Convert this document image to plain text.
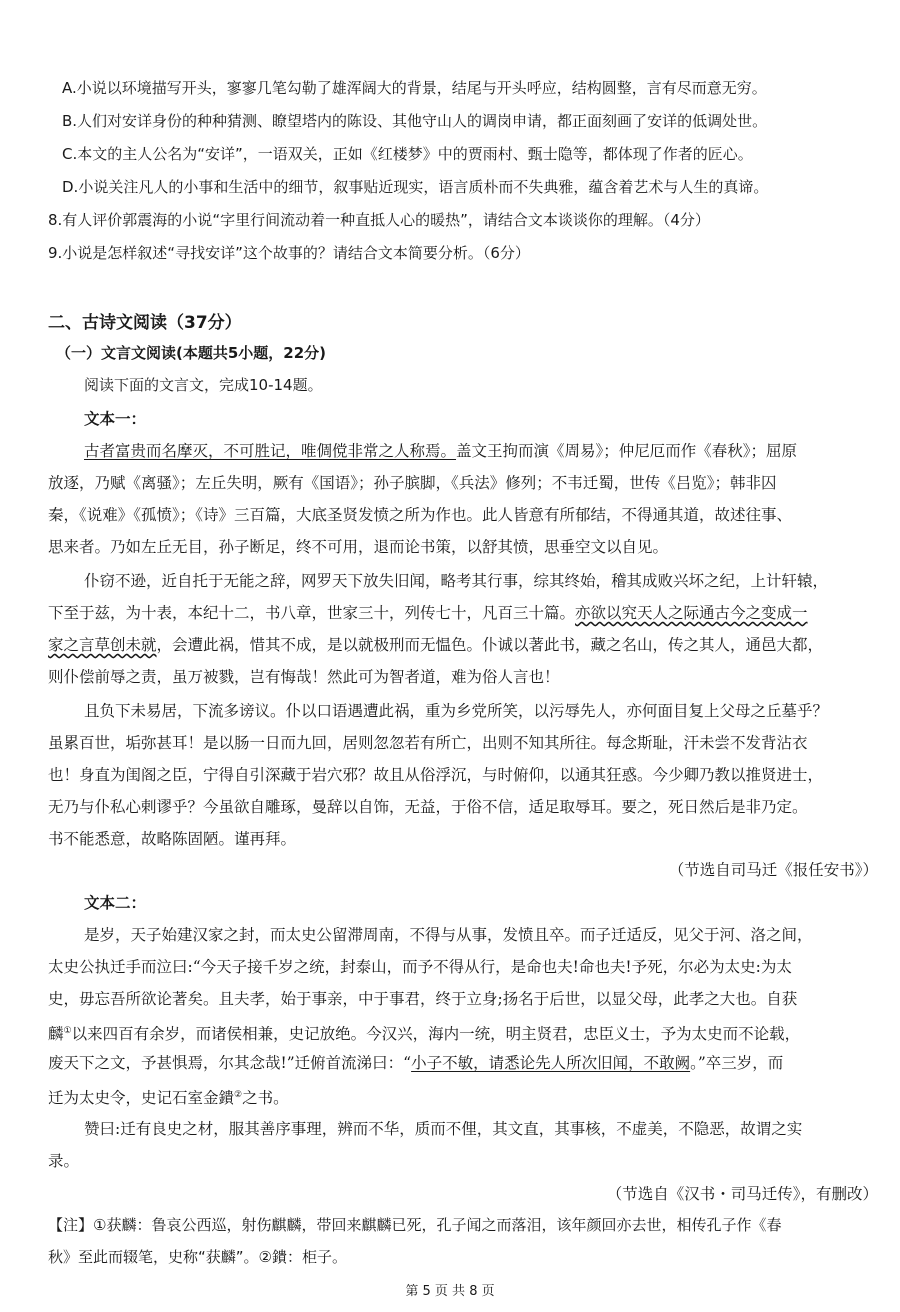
A.小说以环境描写开头，寥寥几笔勾勒了雄浑阔大的背景，结尾与开头呼应，结构圆整，言有尽而意无穷。
B.人们对安详身份的种种猜测、瞭望塔内的陈设、其他守山人的调岗申请，都正面刻画了安详的低调处世。
C.本文的主人公名为“安详”，一语双关，正如《红楼梦》中的贾雨村、甄士隐等，都体现了作者的匠心。
D.小说关注凡人的小事和生活中的细节，叙事贴近现实，语言质朴而不失典雅，蕴含着艺术与人生的真谛。
8.有人评价郭震海的小说“字里行间流动着一种直抵人心的暖热”，请结合文本谈谈你的理解。（4分）
9.小说是怎样叙述“寻找安详”这个故事的？请结合文本简要分析。（6分）
二、古诗文阅读（37分）
（一）文言文阅读(本题共5小题，22分)
阅读下面的文言文，完成10-14题。
文本一：
古者富贵而名摩灭，不可胜记，唯倜傥非常之人称焉。盖文王拘而演《周易》；仲尼厄而作《春秋》；屈原
放逐，乃赋《离骚》；左丘失明，厥有《国语》；孙子膑脚，《兵法》修列；不韦迁蜀，世传《吕览》；韩非囚
秦，《说难》《孤愤》；《诗》三百篇，大底圣贤发愤之所为作也。此人皆意有所郁结，不得通其道，故述往事、
思来者。乃如左丘无目，孙子断足，终不可用，退而论书策，以舒其愤，思垂空文以自见。
仆窃不逊，近自托于无能之辞，网罗天下放失旧闻，略考其行事，综其终始，稽其成败兴坏之纪，上计轩辕，
下至于兹，为十表，本纪十二，书八章，世家三十，列传七十，凡百三十篇。亦欲以究天人之际通古今之变成一
家之言草创未就，会遭此祸，惜其不成，是以就极刑而无愠色。仆诚以著此书，藏之名山，传之其人，通邑大都，
则仆偿前辱之责，虽万被戮，岂有悔哉！然此可为智者道，难为俗人言也！
且负下未易居，下流多谤议。仆以口语遇遭此祸，重为乡党所笑，以污辱先人，亦何面目复上父母之丘墓乎？
虽累百世，垢弥甚耳！是以肠一日而九回，居则忽忽若有所亡，出则不知其所往。每念斯耻，汗未尝不发背沾衣
也！身直为闺阁之臣，宁得自引深藏于岩穴邪？故且从俗浮沉，与时俯仰，以通其狂惑。今少卿乃教以推贤进士，
无乃与仆私心剌谬乎？今虽欲自雕琢，曼辞以自饰，无益，于俗不信，适足取辱耳。要之，死日然后是非乃定。
书不能悉意，故略陈固陋。谨再拜。
（节选自司马迁《报任安书》）
文本二：
是岁，天子始建汉家之封，而太史公留滞周南，不得与从事，发愤且卒。而子迁适反，见父于河、洛之间，
太史公执迁手而泣曰:“今天子接千岁之统，封泰山，而予不得从行，是命也夫!命也夫!予死，尔必为太史:为太
史，毋忘吾所欲论著矣。且夫孝，始于事亲，中于事君，终于立身;扬名于后世，以显父母，此孝之大也。自获
麟①以来四百有余岁，而诸侯相兼，史记放绝。今汉兴，海内一统，明主贤君，忠臣义士，予为太史而不论载，
废天下之文，予甚惧焉，尔其念哉!”迁俯首流涕曰：“小子不敏，请悉论先人所次旧闻，不敢阙。”卒三岁，而
迁为太史令，史记石室金鐀②之书。
赞曰:迁有良史之材，服其善序事理，辨而不华，质而不俚，其文直，其事核，不虚美，不隐恶，故谓之实
录。
（节选自《汉书・司马迁传》，有删改）
【注】①获麟：鲁哀公西巡，射伤麒麟，带回来麒麟已死，孔子闻之而落泪，该年颜回亦去世，相传孔子作《春
秋》至此而辍笔，史称“获麟”。②鐀：柜子。
第 5 页 共 8 页
